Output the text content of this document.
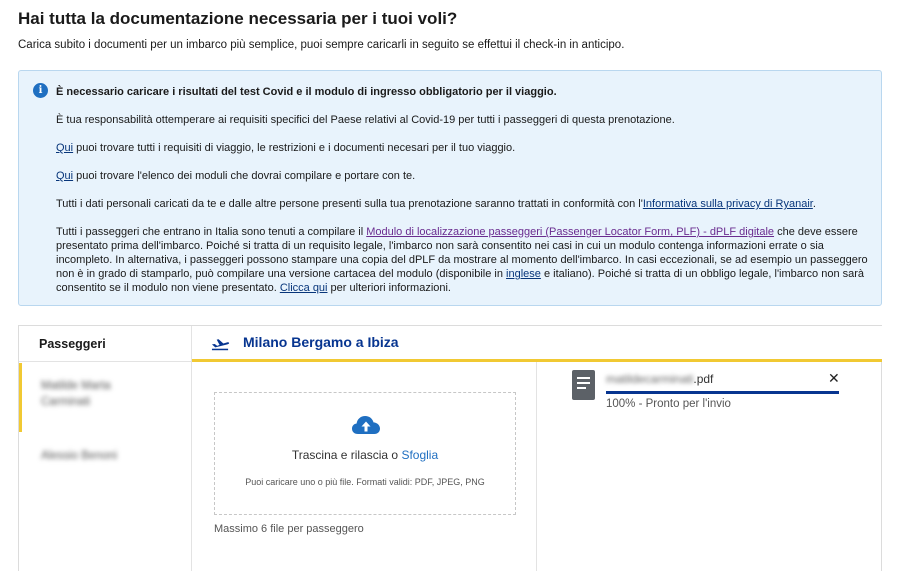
Hai tutta la documentazione necessaria per i tuoi voli?
Carica subito i documenti per un imbarco più semplice, puoi sempre caricarli in seguito se effettui il check-in in anticipo.
i	È necessario caricare i risultati del test Covid e il modulo di ingresso obbligatorio per il viaggio.

È tua responsabilità ottemperare ai requisiti specifici del Paese relativi al Covid-19 per tutti i passeggeri di questa prenotazione.

Qui puoi trovare tutti i requisiti di viaggio, le restrizioni e i documenti necesari per il tuo viaggio.

Qui puoi trovare l'elenco dei moduli che dovrai compilare e portare con te.

Tutti i dati personali caricati da te e dalle altre persone presenti sulla tua prenotazione saranno trattati in conformità con l'Informativa sulla privacy di Ryanair.

Tutti i passeggeri che entrano in Italia sono tenuti a compilare il Modulo di localizzazione passeggeri (Passenger Locator Form, PLF) - dPLF digitale che deve essere presentato prima dell'imbarco. Poiché si tratta di un requisito legale, l'imbarco non sarà consentito nei casi in cui un modulo contenga informazioni errate o sia incompleto. In alternativa, i passeggeri possono stampare una copia del dPLF da mostrare al momento dell'imbarco. In casi eccezionali, se ad esempio un passeggero non è in grado di stamparlo, può compilare una versione cartacea del modulo (disponibile in inglese e italiano). Poiché si tratta di un obbligo legale, l'imbarco non sarà consentito se il modulo non viene presentato. Clicca qui per ulteriori informazioni.

Passeggeri
Matilde Marta
Carminati
Alessio Benoni
Milano Bergamo a Ibiza
Trascina e rilascia o Sfoglia
Puoi caricare uno o più file. Formati validi: PDF, JPEG, PNG
Massimo 6 file per passeggero
matildecarminati.pdf	✕
100% - Pronto per l'invio
